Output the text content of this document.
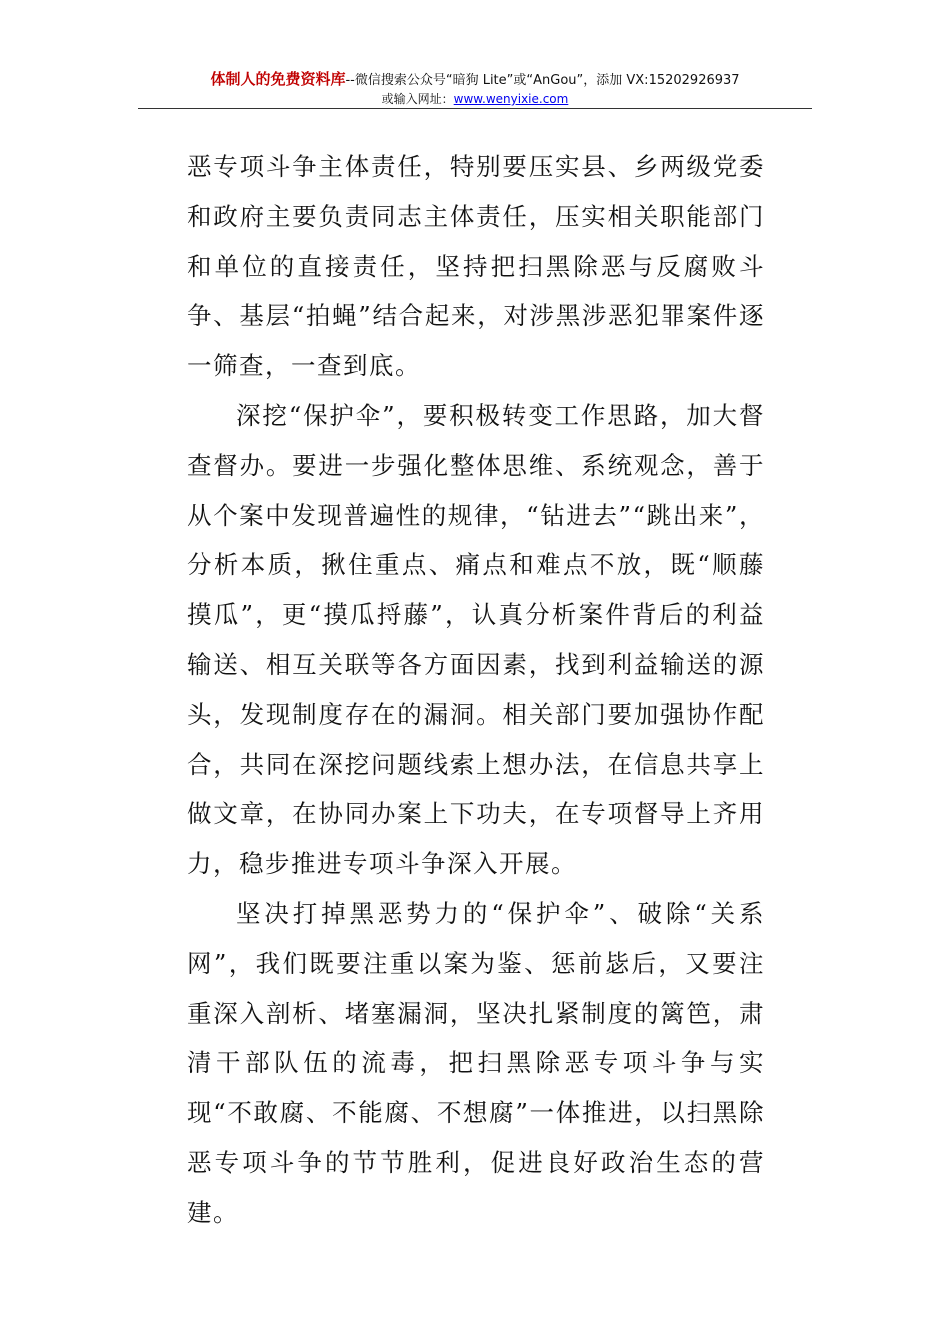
体制人的免费资料库--微信搜索公众号“暗狗 Lite”或“AnGou”，添加 VX:15202926937
或输入网址：www.wenyixie.com

恶专项斗争主体责任，特别要压实县、乡两级党委和政府主要负责同志主体责任，压实相关职能部门和单位的直接责任，坚持把扫黑除恶与反腐败斗争、基层“拍蝇”结合起来，对涉黑涉恶犯罪案件逐一筛查，一查到底。

深挖“保护伞”，要积极转变工作思路，加大督查督办。要进一步强化整体思维、系统观念，善于从个案中发现普遍性的规律，“钻进去”“跳出来”，分析本质，揪住重点、痛点和难点不放，既“顺藤摸瓜”，更“摸瓜捋藤”，认真分析案件背后的利益输送、相互关联等各方面因素，找到利益输送的源头，发现制度存在的漏洞。相关部门要加强协作配合，共同在深挖问题线索上想办法，在信息共享上做文章，在协同办案上下功夫，在专项督导上齐用力，稳步推进专项斗争深入开展。

坚决打掉黑恶势力的“保护伞”、破除“关系网”，我们既要注重以案为鉴、惩前毖后，又要注重深入剖析、堵塞漏洞，坚决扎紧制度的篱笆，肃清干部队伍的流毒，把扫黑除恶专项斗争与实现“不敢腐、不能腐、不想腐”一体推进，以扫黑除恶专项斗争的节节胜利，促进良好政治生态的营建。
